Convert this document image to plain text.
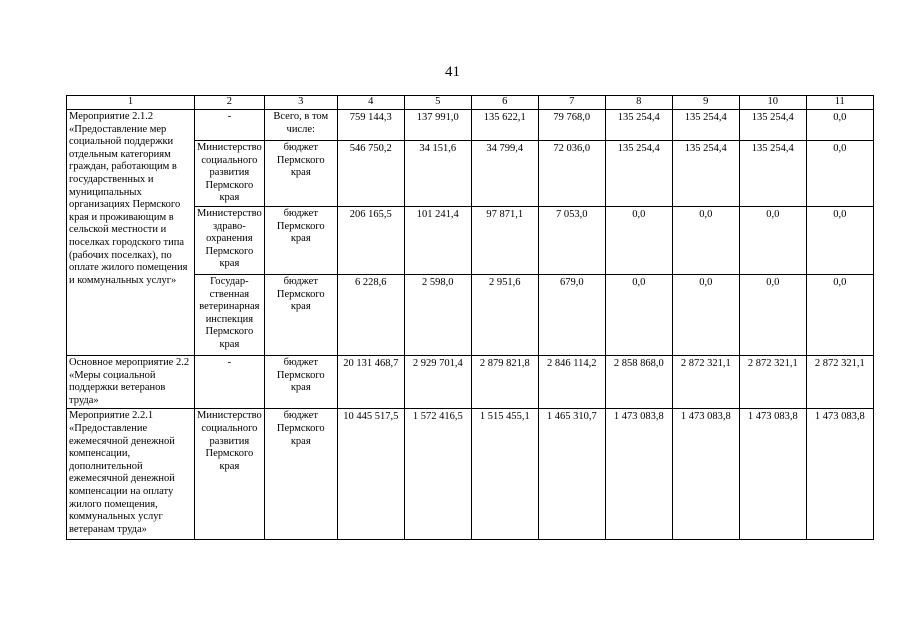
41
1	2	3	4	5	6	7	8	9	10	11
Мероприятие 2.1.2 «Предоставление мер социальной поддержки отдельным категориям граждан, работающим в государственных и муниципальных организациях Пермского края и проживающим в сельской местности и поселках городского типа (рабочих поселках), по оплате жилого помещения и коммунальных услуг»	-	Всего, в том числе:	759 144,3	137 991,0	135 622,1	79 768,0	135 254,4	135 254,4	135 254,4	0,0
	Министерство социального развития Пермского края	бюджет Пермского края	546 750,2	34 151,6	34 799,4	72 036,0	135 254,4	135 254,4	135 254,4	0,0
	Министерство здраво-охранения Пермского края	бюджет Пермского края	206 165,5	101 241,4	97 871,1	7 053,0	0,0	0,0	0,0	0,0
	Государ-ственная ветеринарная инспекция Пермского края	бюджет Пермского края	6 228,6	2 598,0	2 951,6	679,0	0,0	0,0	0,0	0,0
Основное мероприятие 2.2 «Меры социальной поддержки ветеранов труда»	-	бюджет Пермского края	20 131 468,7	2 929 701,4	2 879 821,8	2 846 114,2	2 858 868,0	2 872 321,1	2 872 321,1	2 872 321,1
Мероприятие 2.2.1 «Предоставление ежемесячной денежной компенсации, дополнительной ежемесячной денежной компенсации на оплату жилого помещения, коммунальных услуг ветеранам труда»	Министерство социального развития Пермского края	бюджет Пермского края	10 445 517,5	1 572 416,5	1 515 455,1	1 465 310,7	1 473 083,8	1 473 083,8	1 473 083,8	1 473 083,8
